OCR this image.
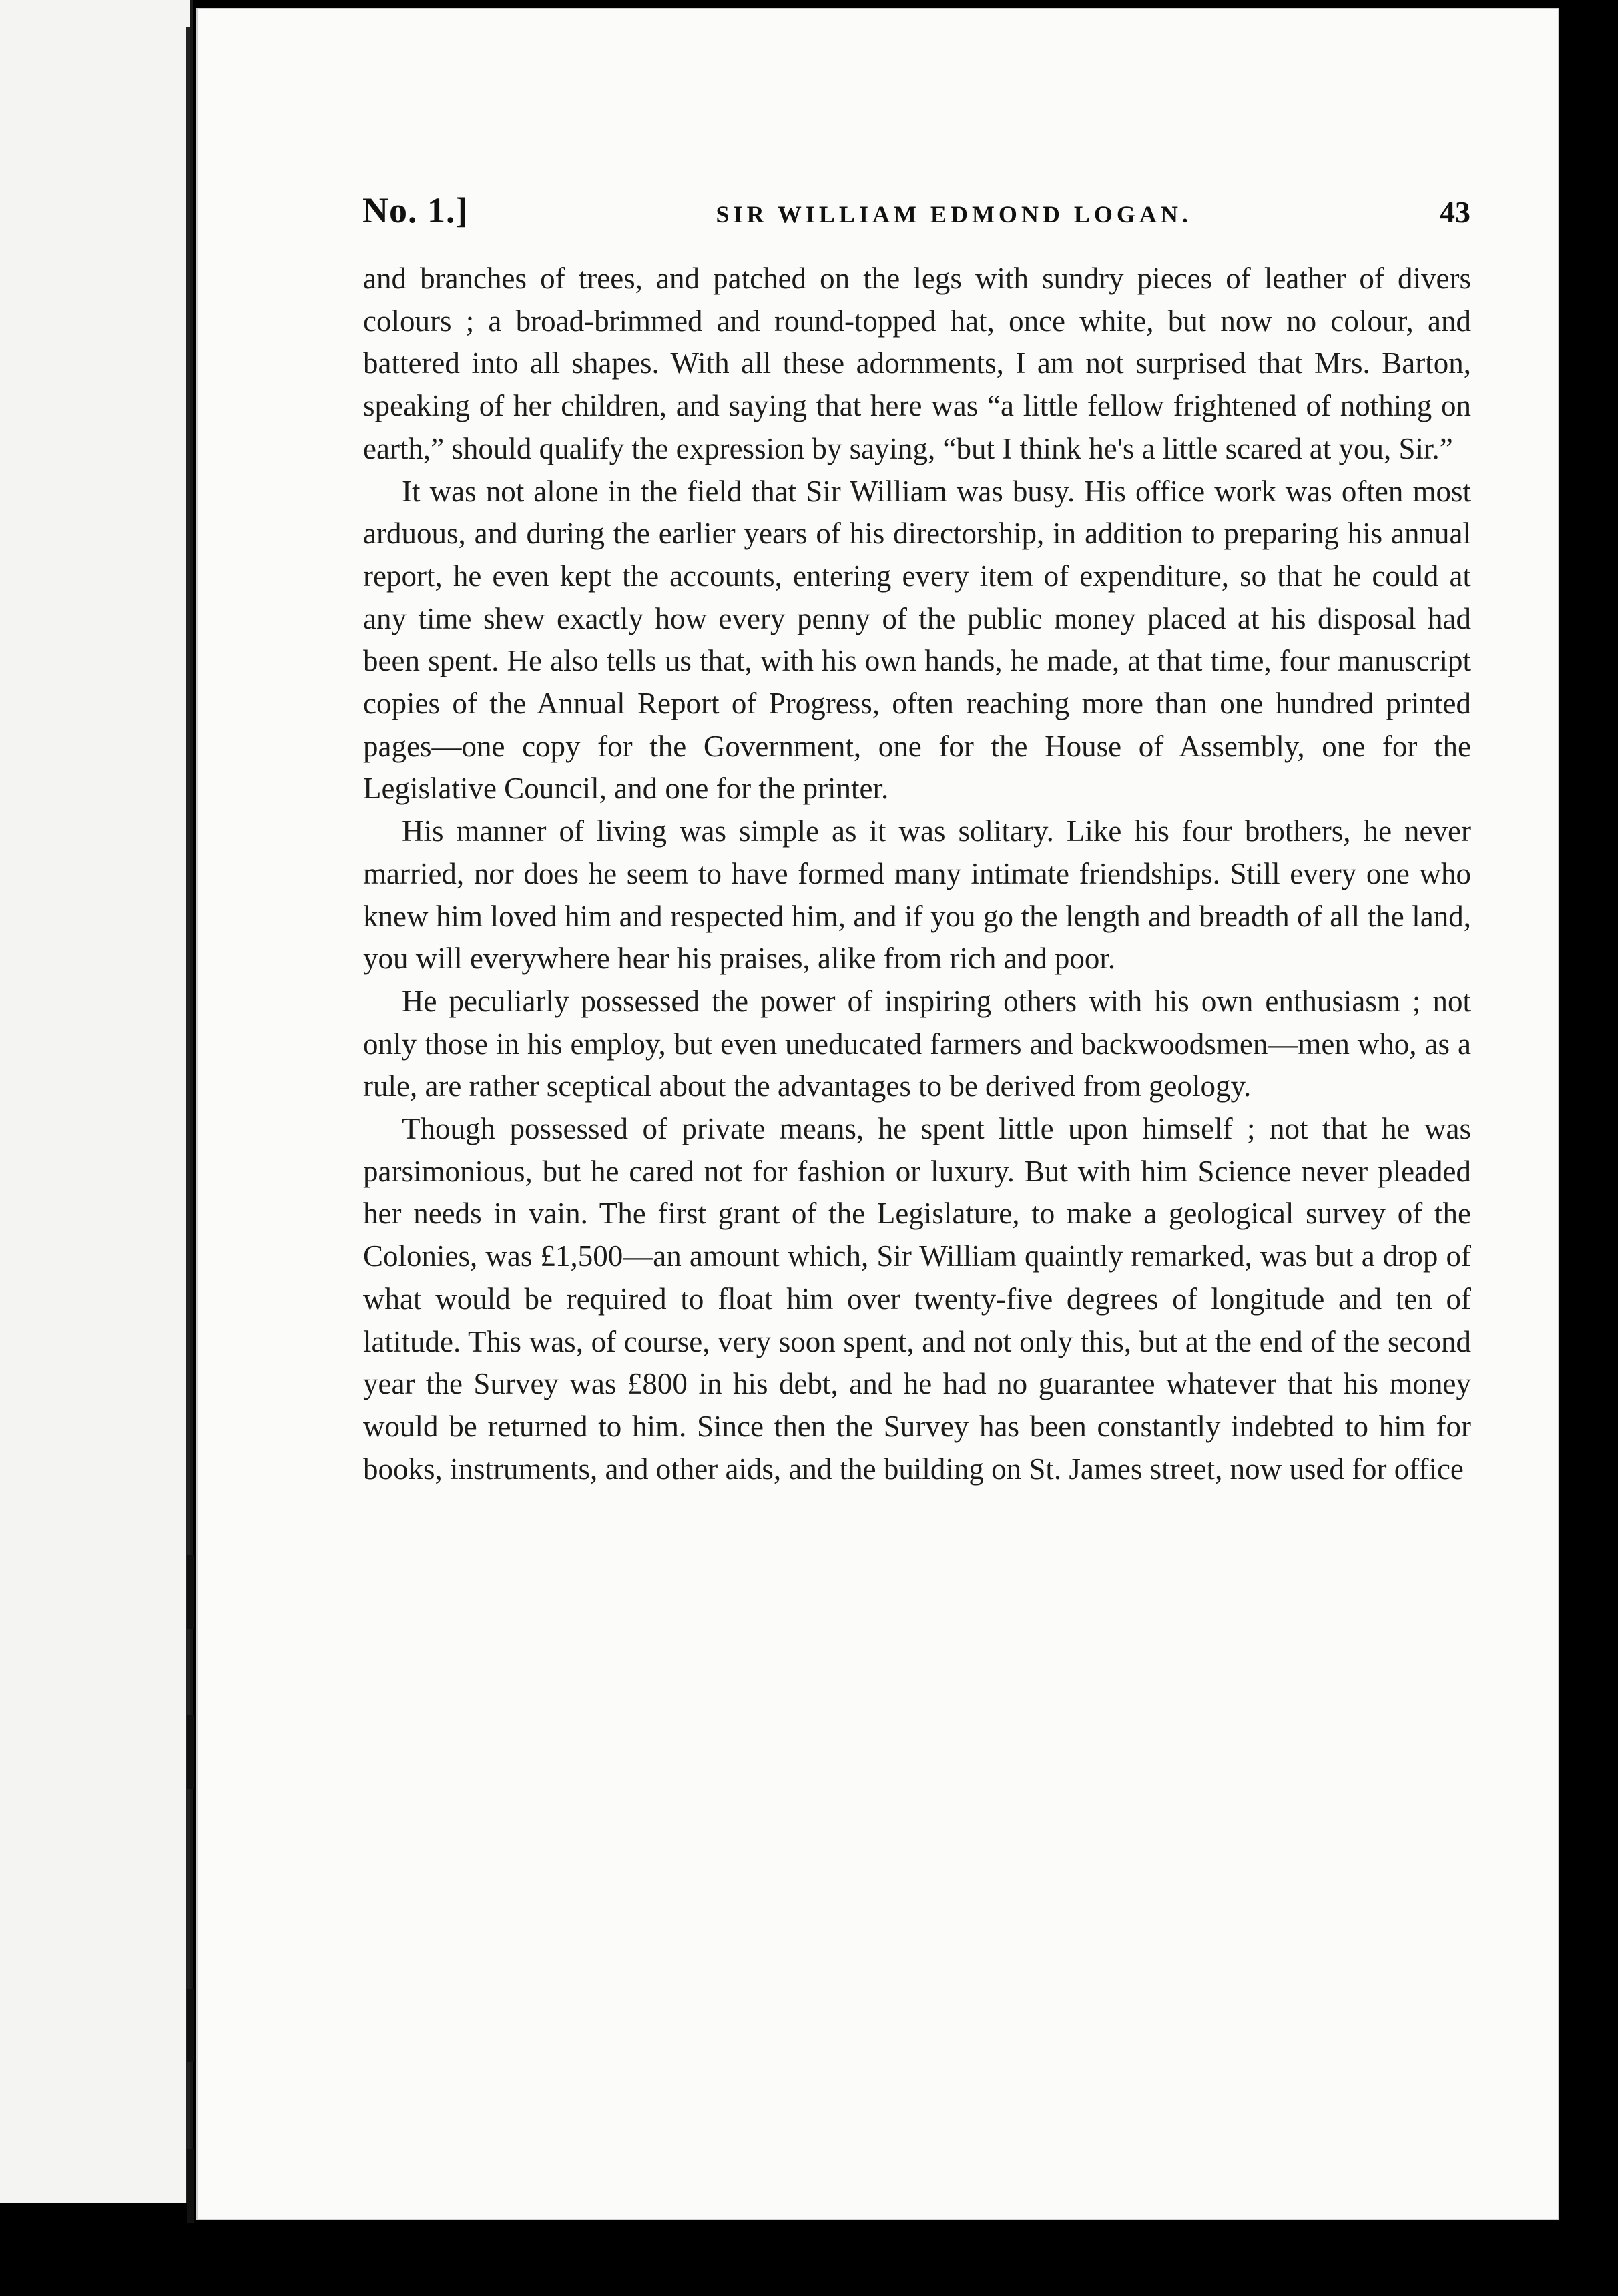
No. 1.]	SIR WILLIAM EDMOND LOGAN.	43

and branches of trees, and patched on the legs with sundry pieces of leather of divers colours ; a broad-brimmed and round-topped hat, once white, but now no colour, and battered into all shapes. With all these adornments, I am not surprised that Mrs. Barton, speaking of her children, and saying that here was “a little fellow frightened of nothing on earth,” should qualify the expression by saying, “but I think he's a little scared at you, Sir.”

It was not alone in the field that Sir William was busy. His office work was often most arduous, and during the earlier years of his directorship, in addition to preparing his annual report, he even kept the accounts, entering every item of expenditure, so that he could at any time shew exactly how every penny of the public money placed at his disposal had been spent. He also tells us that, with his own hands, he made, at that time, four manuscript copies of the Annual Report of Progress, often reaching more than one hundred printed pages—one copy for the Government, one for the House of Assembly, one for the Legislative Council, and one for the printer.

His manner of living was simple as it was solitary. Like his four brothers, he never married, nor does he seem to have formed many intimate friendships. Still every one who knew him loved him and respected him, and if you go the length and breadth of all the land, you will everywhere hear his praises, alike from rich and poor.

He peculiarly possessed the power of inspiring others with his own enthusiasm ; not only those in his employ, but even uneducated farmers and backwoodsmen—men who, as a rule, are rather sceptical about the advantages to be derived from geology.

Though possessed of private means, he spent little upon himself ; not that he was parsimonious, but he cared not for fashion or luxury. But with him Science never pleaded her needs in vain. The first grant of the Legislature, to make a geological survey of the Colonies, was £1,500—an amount which, Sir William quaintly remarked, was but a drop of what would be required to float him over twenty-five degrees of longitude and ten of latitude. This was, of course, very soon spent, and not only this, but at the end of the second year the Survey was £800 in his debt, and he had no guarantee whatever that his money would be returned to him. Since then the Survey has been constantly indebted to him for books, instruments, and other aids, and the building on St. James street, now used for office
